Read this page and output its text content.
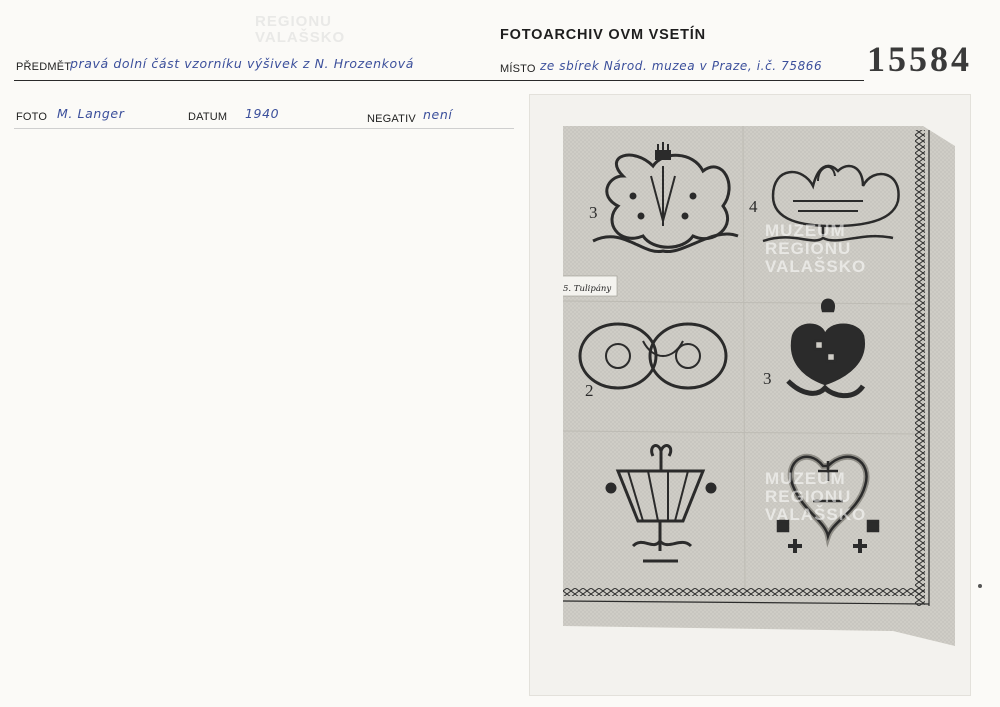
REGIONU VALAŠSKO	FOTOARCHIV OVM VSETÍN
15584
PŘEDMĚT
pravá dolní část vzorníku výšivek z N. Hrozenková	MÍSTO ze sbírek Národ. muzea v Praze, i.č. 75866
FOTO M. Langer	DATUM 1940	NEGATIV není
3	4
5. Tulipány
2
3
MUZEUM
REGIONU
VALAŠSKO
MUZEUM
REGIONU
VALAŠSKO
